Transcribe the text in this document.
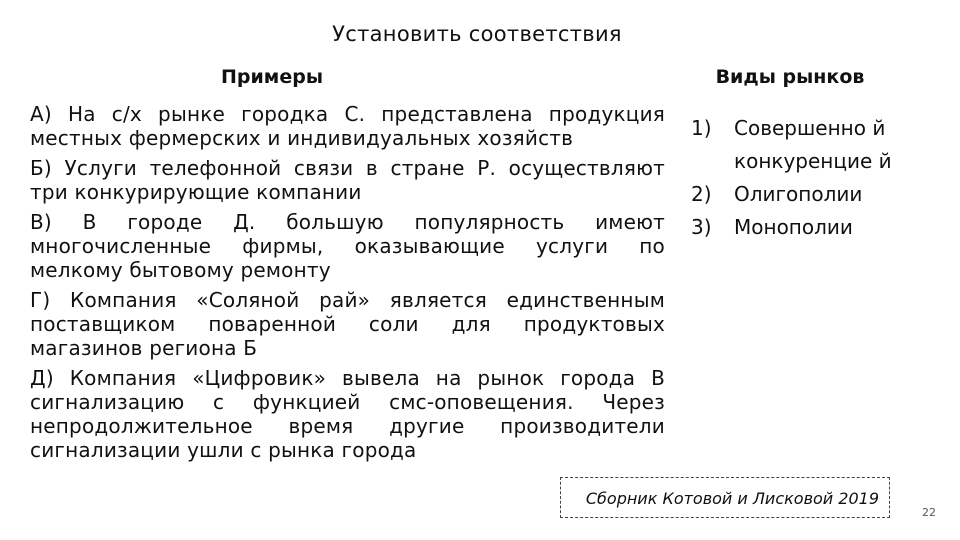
Установить соответствия
Примеры	Виды рынков

А) На с/х рынке городка С. представлена продукция местных фермерских и индивидуальных хозяйств

Б) Услуги телефонной связи в стране Р. осуществляют три конкурирующие компании

В) В городе Д. большую популярность имеют многочисленные фирмы, оказывающие услуги по мелкому бытовому ремонту

Г) Компания «Соляной рай» является единственным поставщиком поваренной соли для продуктовых магазинов региона Б

Д) Компания «Цифровик» вывела на рынок города В сигнализацию с функцией смс-оповещения. Через непродолжительное время другие производители сигнализации ушли с рынка города

1)	Совершенно й конкуренцие й
2)	Олигополии
3)	Монополии
Сборник Котовой и Лисковой 2019
22
